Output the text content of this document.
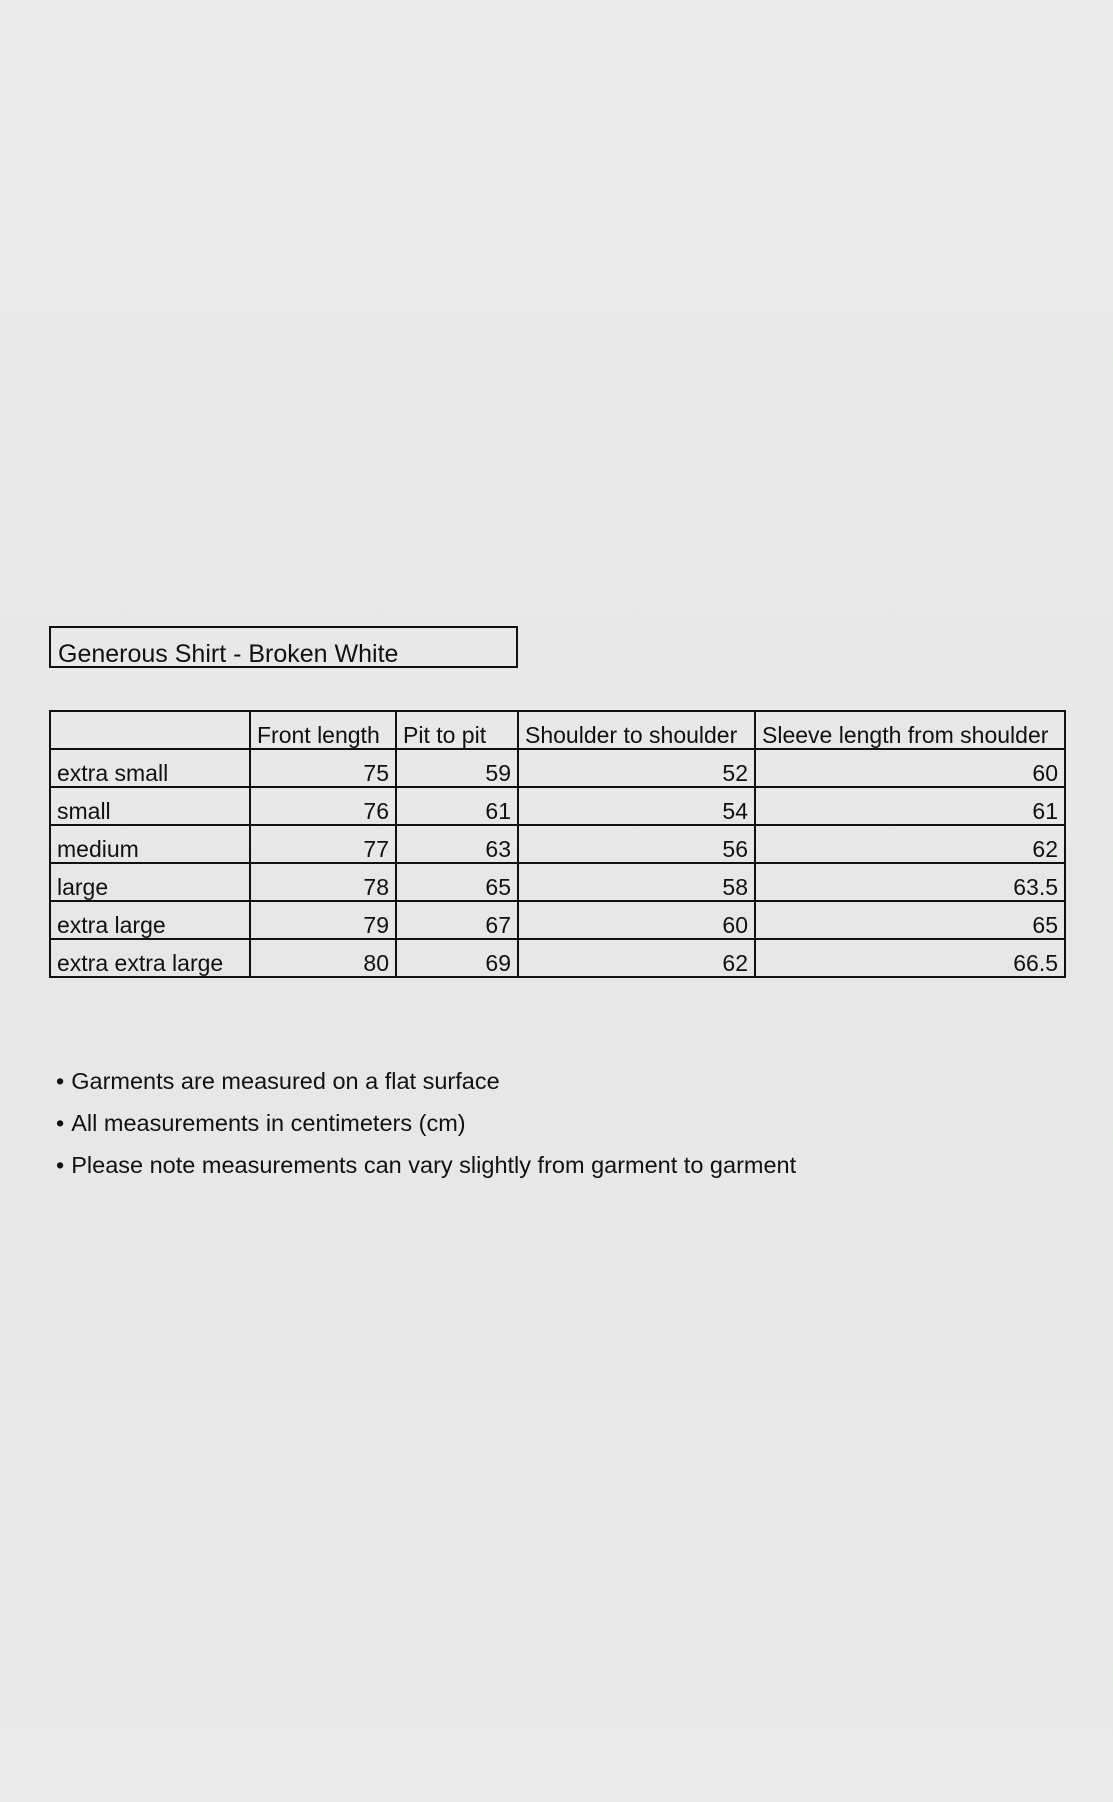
Generous Shirt - Broken White
	Front length	Pit to pit	Shoulder to shoulder	Sleeve length from shoulder
extra small	75	59	52	60
small	76	61	54	61
medium	77	63	56	62
large	78	65	58	63.5
extra large	79	67	60	65
extra extra large	80	69	62	66.5
• Garments are measured on a flat surface
• All measurements in centimeters (cm)
• Please note measurements can vary slightly from garment to garment
